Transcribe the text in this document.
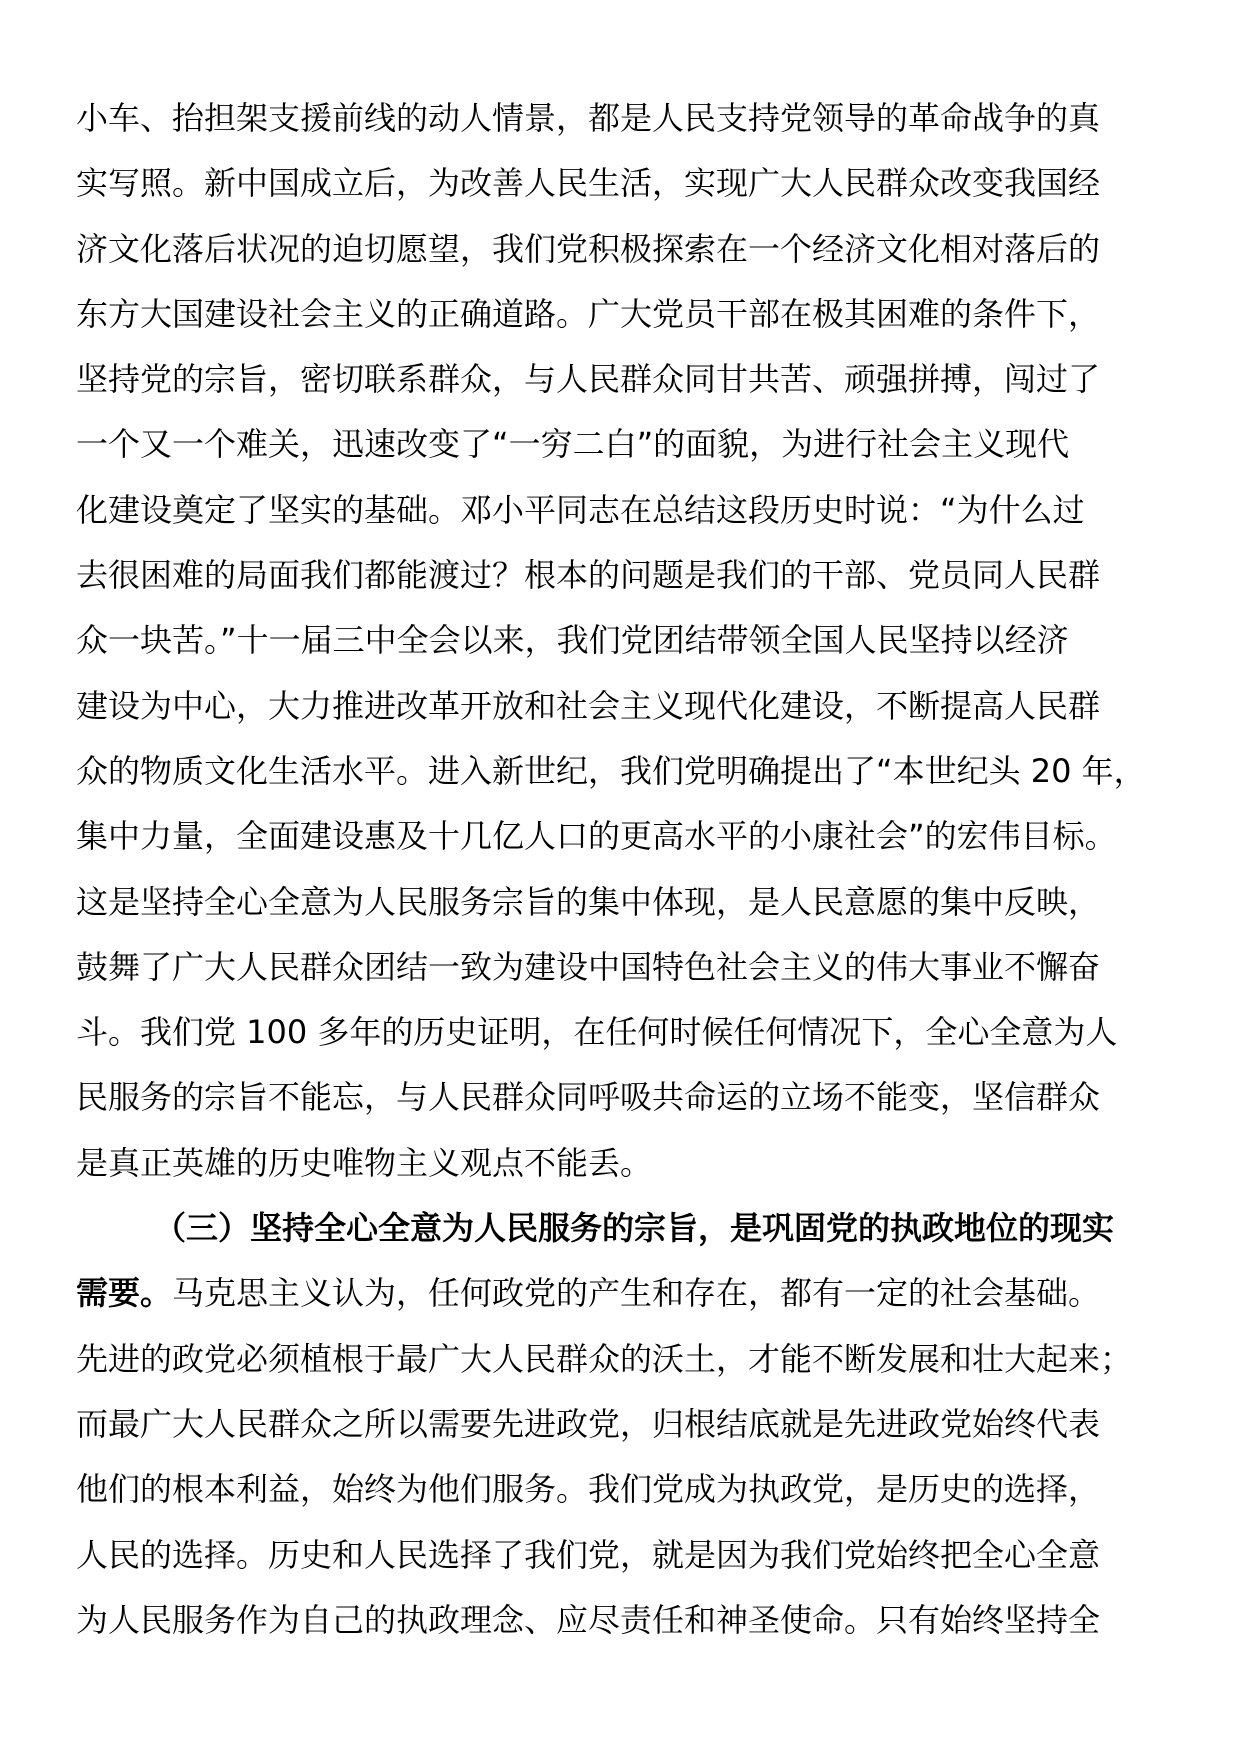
小车、抬担架支援前线的动人情景，都是人民支持党领导的革命战争的真
实写照。新中国成立后，为改善人民生活，实现广大人民群众改变我国经
济文化落后状况的迫切愿望，我们党积极探索在一个经济文化相对落后的
东方大国建设社会主义的正确道路。广大党员干部在极其困难的条件下，
坚持党的宗旨，密切联系群众，与人民群众同甘共苦、顽强拼搏，闯过了
一个又一个难关，迅速改变了“一穷二白”的面貌，为进行社会主义现代
化建设奠定了坚实的基础。邓小平同志在总结这段历史时说：“为什么过
去很困难的局面我们都能渡过？根本的问题是我们的干部、党员同人民群
众一块苦。”十一届三中全会以来，我们党团结带领全国人民坚持以经济
建设为中心，大力推进改革开放和社会主义现代化建设，不断提高人民群
众的物质文化生活水平。进入新世纪，我们党明确提出了“本世纪头 20 年，
集中力量，全面建设惠及十几亿人口的更高水平的小康社会”的宏伟目标。
这是坚持全心全意为人民服务宗旨的集中体现，是人民意愿的集中反映，
鼓舞了广大人民群众团结一致为建设中国特色社会主义的伟大事业不懈奋
斗。我们党 100 多年的历史证明，在任何时候任何情况下，全心全意为人
民服务的宗旨不能忘，与人民群众同呼吸共命运的立场不能变，坚信群众
是真正英雄的历史唯物主义观点不能丢。
（三）坚持全心全意为人民服务的宗旨，是巩固党的执政地位的现实
需要。马克思主义认为，任何政党的产生和存在，都有一定的社会基础。
先进的政党必须植根于最广大人民群众的沃土，才能不断发展和壮大起来；
而最广大人民群众之所以需要先进政党，归根结底就是先进政党始终代表
他们的根本利益，始终为他们服务。我们党成为执政党，是历史的选择，
人民的选择。历史和人民选择了我们党，就是因为我们党始终把全心全意
为人民服务作为自己的执政理念、应尽责任和神圣使命。只有始终坚持全
